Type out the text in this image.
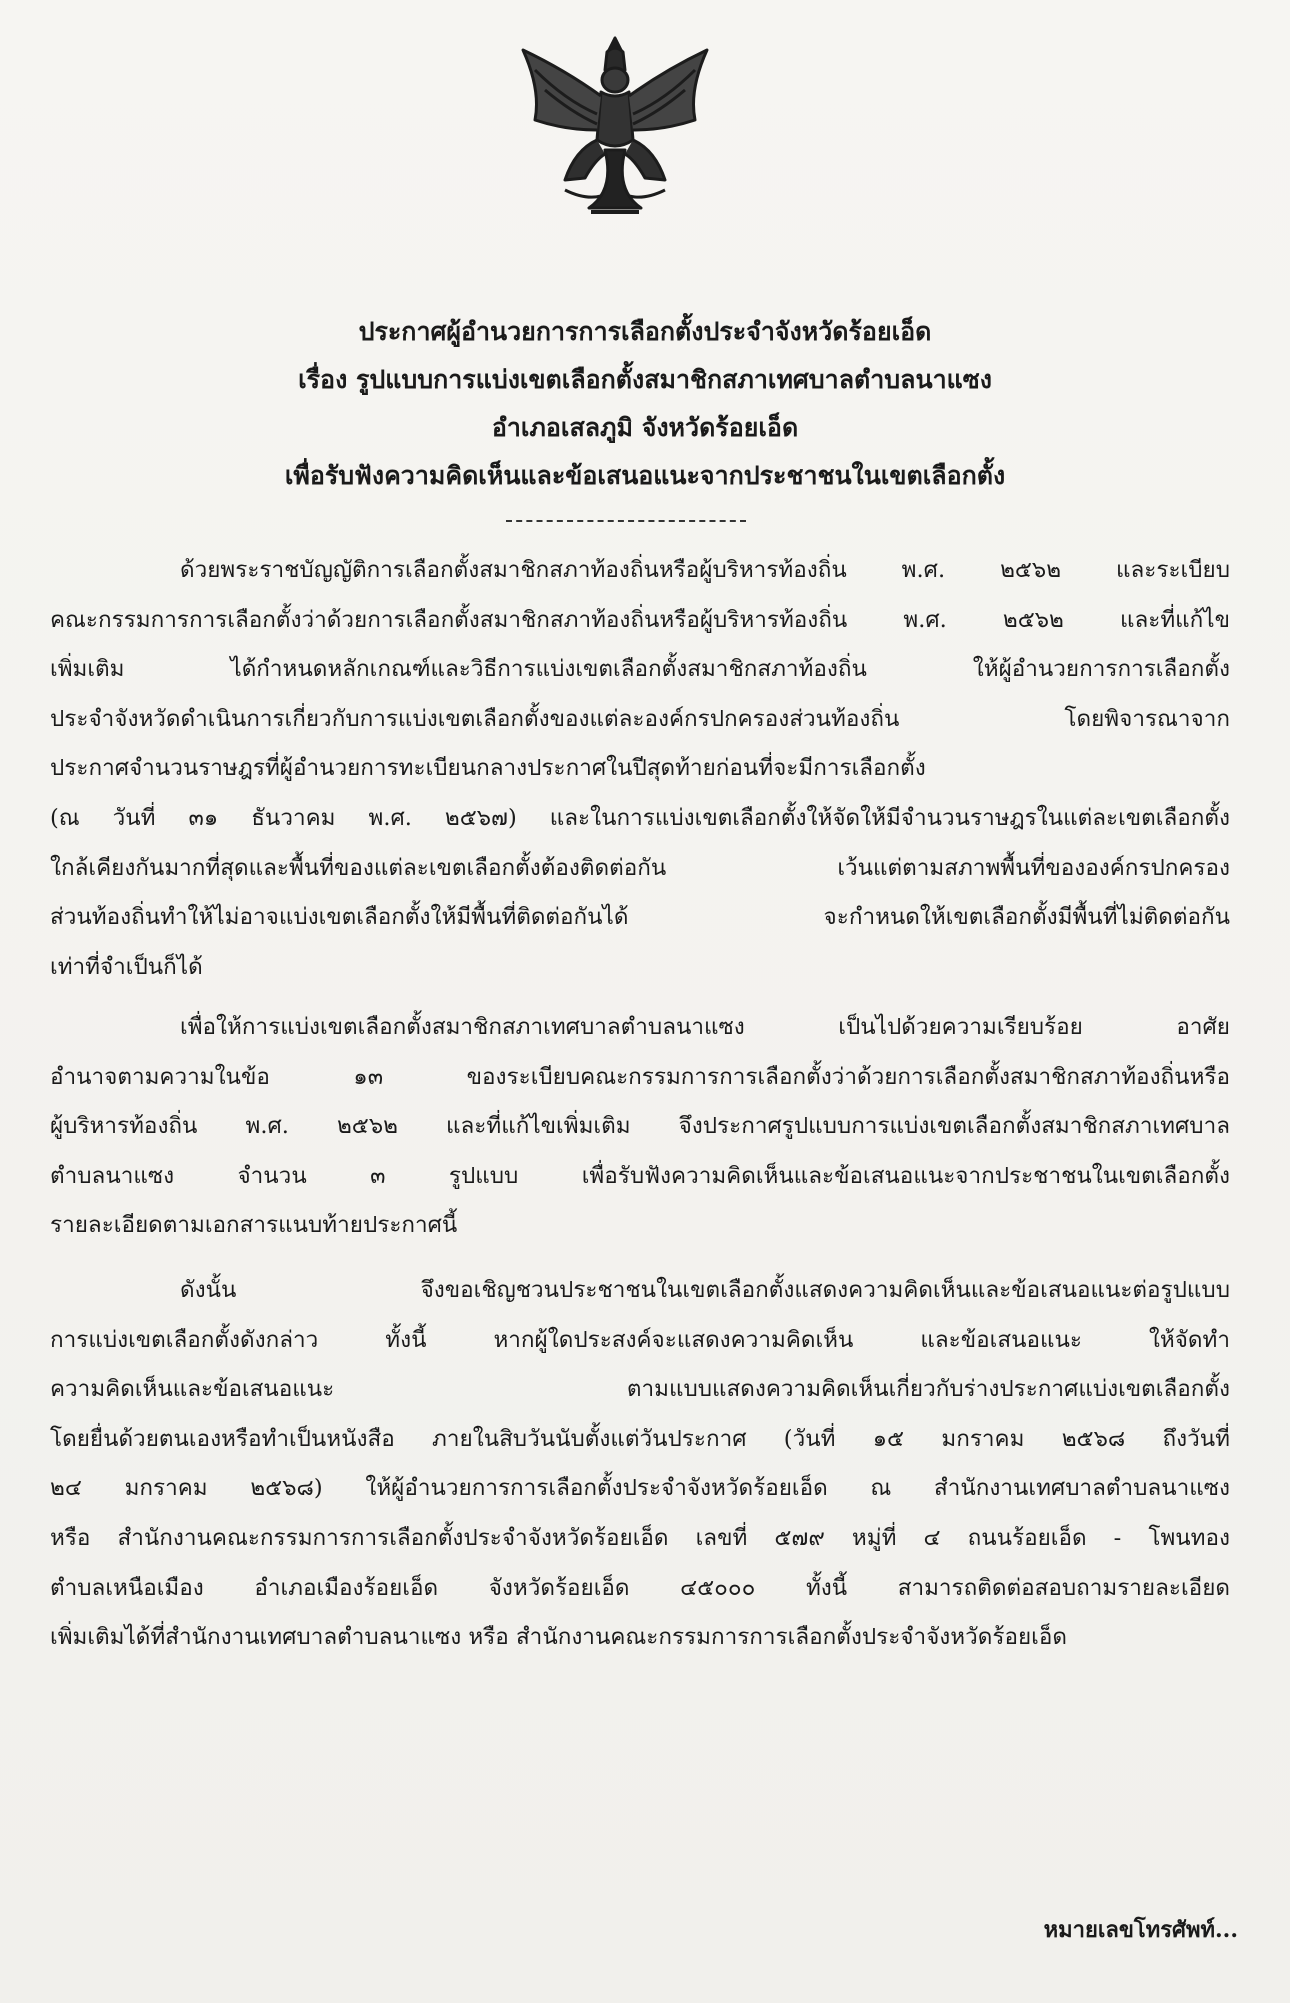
ประกาศผู้อำนวยการการเลือกตั้งประจำจังหวัดร้อยเอ็ด
เรื่อง รูปแบบการแบ่งเขตเลือกตั้งสมาชิกสภาเทศบาลตำบลนาแซง
อำเภอเสลภูมิ จังหวัดร้อยเอ็ด
เพื่อรับฟังความคิดเห็นและข้อเสนอแนะจากประชาชนในเขตเลือกตั้ง
ด้วยพระราชบัญญัติการเลือกตั้งสมาชิกสภาท้องถิ่นหรือผู้บริหารท้องถิ่น พ.ศ. ๒๕๖๒ และระเบียบ
คณะกรรมการการเลือกตั้งว่าด้วยการเลือกตั้งสมาชิกสภาท้องถิ่นหรือผู้บริหารท้องถิ่น พ.ศ. ๒๕๖๒ และที่แก้ไข
เพิ่มเติม ได้กำหนดหลักเกณฑ์และวิธีการแบ่งเขตเลือกตั้งสมาชิกสภาท้องถิ่น ให้ผู้อำนวยการการเลือกตั้ง
ประจำจังหวัดดำเนินการเกี่ยวกับการแบ่งเขตเลือกตั้งของแต่ละองค์กรปกครองส่วนท้องถิ่น โดยพิจารณาจาก
ประกาศจำนวนราษฎรที่ผู้อำนวยการทะเบียนกลางประกาศในปีสุดท้ายก่อนที่จะมีการเลือกตั้ง
(ณ วันที่ ๓๑ ธันวาคม พ.ศ. ๒๕๖๗) และในการแบ่งเขตเลือกตั้งให้จัดให้มีจำนวนราษฎรในแต่ละเขตเลือกตั้ง
ใกล้เคียงกันมากที่สุดและพื้นที่ของแต่ละเขตเลือกตั้งต้องติดต่อกัน เว้นแต่ตามสภาพพื้นที่ขององค์กรปกครอง
ส่วนท้องถิ่นทำให้ไม่อาจแบ่งเขตเลือกตั้งให้มีพื้นที่ติดต่อกันได้ จะกำหนดให้เขตเลือกตั้งมีพื้นที่ไม่ติดต่อกัน
เท่าที่จำเป็นก็ได้
เพื่อให้การแบ่งเขตเลือกตั้งสมาชิกสภาเทศบาลตำบลนาแซง เป็นไปด้วยความเรียบร้อย อาศัย
อำนาจตามความในข้อ ๑๓ ของระเบียบคณะกรรมการการเลือกตั้งว่าด้วยการเลือกตั้งสมาชิกสภาท้องถิ่นหรือ
ผู้บริหารท้องถิ่น พ.ศ. ๒๕๖๒ และที่แก้ไขเพิ่มเติม จึงประกาศรูปแบบการแบ่งเขตเลือกตั้งสมาชิกสภาเทศบาล
ตำบลนาแซง จำนวน ๓ รูปแบบ เพื่อรับฟังความคิดเห็นและข้อเสนอแนะจากประชาชนในเขตเลือกตั้ง
รายละเอียดตามเอกสารแนบท้ายประกาศนี้
ดังนั้น จึงขอเชิญชวนประชาชนในเขตเลือกตั้งแสดงความคิดเห็นและข้อเสนอแนะต่อรูปแบบ
การแบ่งเขตเลือกตั้งดังกล่าว ทั้งนี้ หากผู้ใดประสงค์จะแสดงความคิดเห็น และข้อเสนอแนะ ให้จัดทำ
ความคิดเห็นและข้อเสนอแนะ ตามแบบแสดงความคิดเห็นเกี่ยวกับร่างประกาศแบ่งเขตเลือกตั้ง
โดยยื่นด้วยตนเองหรือทำเป็นหนังสือ ภายในสิบวันนับตั้งแต่วันประกาศ (วันที่ ๑๕ มกราคม ๒๕๖๘ ถึงวันที่
๒๔ มกราคม ๒๕๖๘) ให้ผู้อำนวยการการเลือกตั้งประจำจังหวัดร้อยเอ็ด ณ สำนักงานเทศบาลตำบลนาแซง
หรือ สำนักงานคณะกรรมการการเลือกตั้งประจำจังหวัดร้อยเอ็ด เลขที่ ๕๗๙ หมู่ที่ ๔ ถนนร้อยเอ็ด - โพนทอง
ตำบลเหนือเมือง อำเภอเมืองร้อยเอ็ด จังหวัดร้อยเอ็ด ๔๕๐๐๐ ทั้งนี้ สามารถติดต่อสอบถามรายละเอียด
เพิ่มเติมได้ที่สำนักงานเทศบาลตำบลนาแซง หรือ สำนักงานคณะกรรมการการเลือกตั้งประจำจังหวัดร้อยเอ็ด
หมายเลขโทรศัพท์...
